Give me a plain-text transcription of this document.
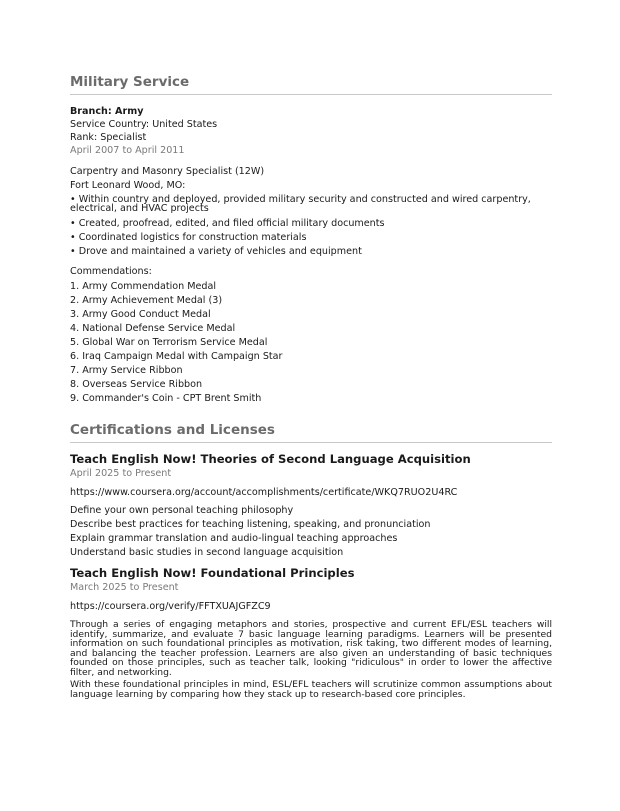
Military Service

Branch: Army

Service Country: United States

Rank: Specialist

April 2007 to April 2011

Carpentry and Masonry Specialist (12W)

Fort Leonard Wood, MO:

• Within country and deployed, provided military security and constructed and wired carpentry, electrical, and HVAC projects

• Created, proofread, edited, and filed official military documents

• Coordinated logistics for construction materials

• Drove and maintained a variety of vehicles and equipment

Commendations:

1. Army Commendation Medal

2. Army Achievement Medal (3)

3. Army Good Conduct Medal

4. National Defense Service Medal

5. Global War on Terrorism Service Medal

6. Iraq Campaign Medal with Campaign Star

7. Army Service Ribbon

8. Overseas Service Ribbon

9. Commander's Coin - CPT Brent Smith

Certifications and Licenses

Teach English Now! Theories of Second Language Acquisition

April 2025 to Present

https://www.coursera.org/account/accomplishments/certificate/WKQ7RUO2U4RC

Define your own personal teaching philosophy

Describe best practices for teaching listening, speaking, and pronunciation

Explain grammar translation and audio-lingual teaching approaches

Understand basic studies in second language acquisition

Teach English Now! Foundational Principles

March 2025 to Present

https://coursera.org/verify/FFTXUAJGFZC9

Through a series of engaging metaphors and stories, prospective and current EFL/ESL teachers will identify, summarize, and evaluate 7 basic language learning paradigms. Learners will be presented information on such foundational principles as motivation, risk taking, two different modes of learning, and balancing the teacher profession. Learners are also given an understanding of basic techniques founded on those principles, such as teacher talk, looking "ridiculous" in order to lower the affective filter, and networking.

With these foundational principles in mind, ESL/EFL teachers will scrutinize common assumptions about language learning by comparing how they stack up to research-based core principles.
